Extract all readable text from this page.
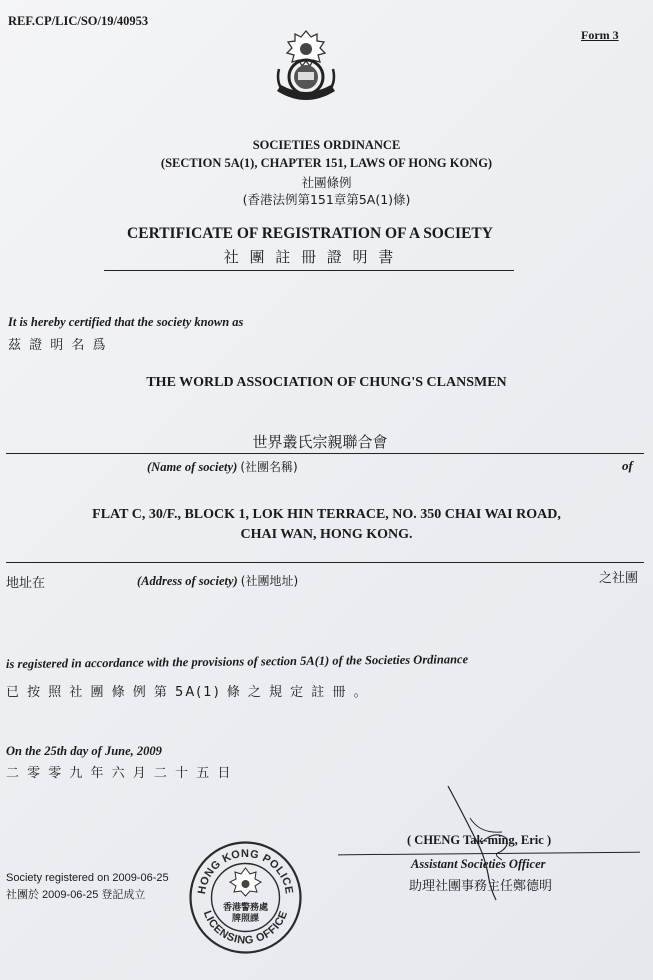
REF.CP/LIC/SO/19/40953
Form 3
SOCIETIES ORDINANCE
(SECTION 5A(1), CHAPTER 151, LAWS OF HONG KONG)
社團條例
(香港法例第151章第5A(1)條)
CERTIFICATE OF REGISTRATION OF A SOCIETY
社 團 註 冊 證 明 書
It is hereby certified that the society known as
茲 證 明 名 爲
THE WORLD ASSOCIATION OF CHUNG'S CLANSMEN
世界叢氏宗親聯合會
(Name of society) (社團名稱)	of
FLAT C, 30/F., BLOCK 1, LOK HIN TERRACE, NO. 350 CHAI WAI ROAD,
CHAI WAN, HONG KONG.
地址在	(Address of society) (社團地址)	之社團
is registered in accordance with the provisions of section 5A(1) of the Societies Ordinance
已 按 照 社 團 條 例 第 5A(1) 條 之 規 定 註 冊 。
On the 25th day of June, 2009
二 零 零 九 年 六 月 二 十 五 日
( CHENG Tak-ming, Eric )
Assistant Societies Officer
助理社團事務主任鄭德明
Society registered on 2009-06-25
社團於 2009-06-25 登記成立	HONG KONG POLICE
LICENSING OFFICE
香港警務處
牌照課
